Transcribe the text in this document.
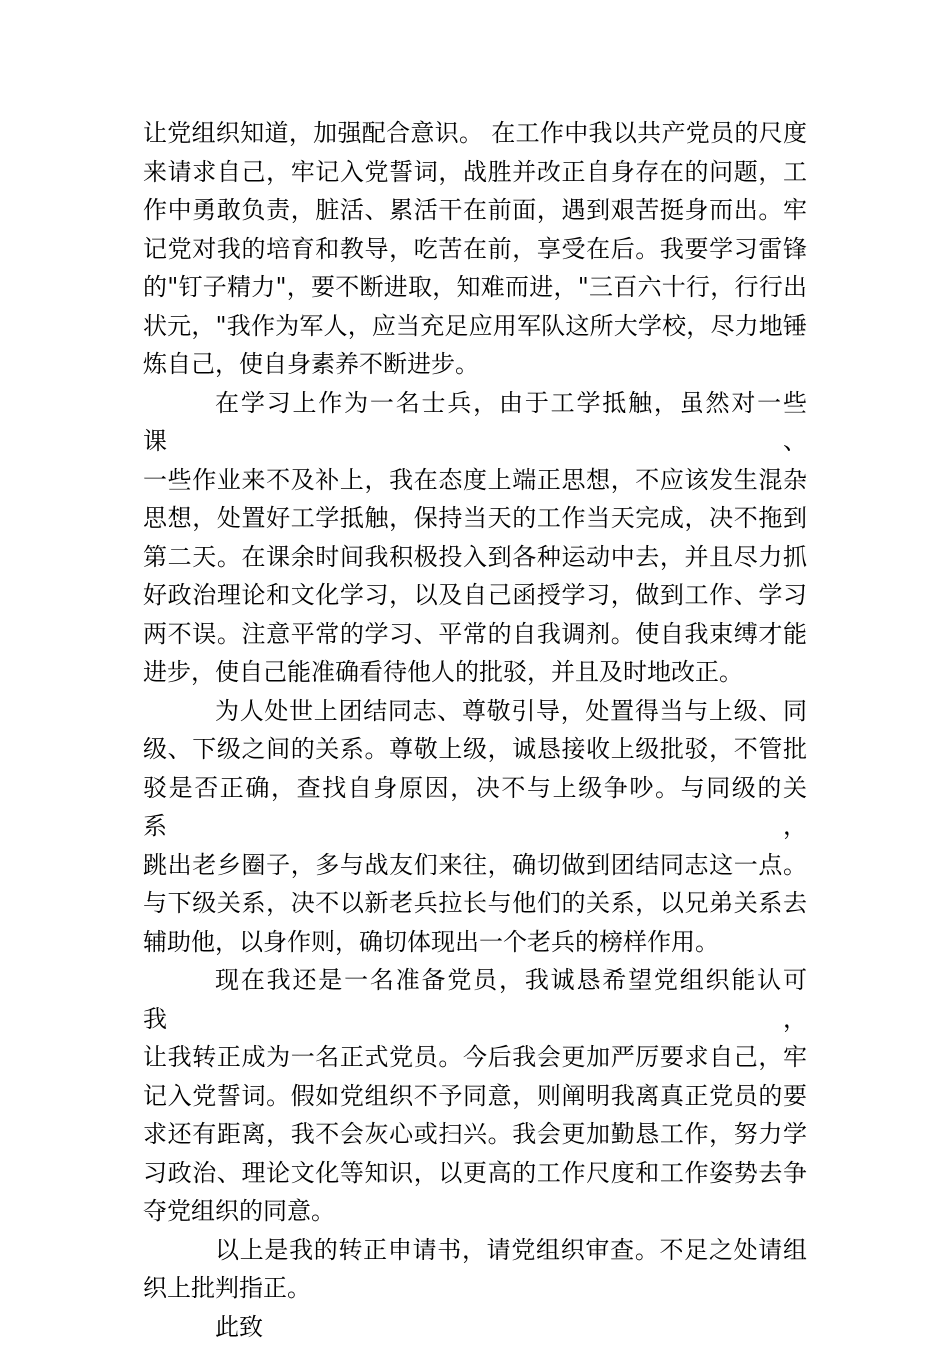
让党组织知道，加强配合意识。 在工作中我以共产党员的尺度
来请求自己，牢记入党誓词，战胜并改正自身存在的问题，工
作中勇敢负责，脏活、累活干在前面，遇到艰苦挺身而出。牢
记党对我的培育和教导，吃苦在前，享受在后。我要学习雷锋
的"钉子精力"，要不断进取，知难而进，"三百六十行，行行出
状元，"我作为军人，应当充足应用军队这所大学校，尽力地锤
炼自己，使自身素养不断进步。

在学习上作为一名士兵，由于工学抵触，虽然对一些课、
一些作业来不及补上，我在态度上端正思想，不应该发生混杂
思想，处置好工学抵触，保持当天的工作当天完成，决不拖到
第二天。在课余时间我积极投入到各种运动中去，并且尽力抓
好政治理论和文化学习，以及自己函授学习，做到工作、学习
两不误。注意平常的学习、平常的自我调剂。使自我束缚才能
进步，使自己能准确看待他人的批驳，并且及时地改正。

为人处世上团结同志、尊敬引导，处置得当与上级、同
级、下级之间的关系。尊敬上级，诚恳接收上级批驳，不管批
驳是否正确，查找自身原因，决不与上级争吵。与同级的关系，
跳出老乡圈子，多与战友们来往，确切做到团结同志这一点。
与下级关系，决不以新老兵拉长与他们的关系，以兄弟关系去
辅助他，以身作则，确切体现出一个老兵的榜样作用。

现在我还是一名准备党员，我诚恳希望党组织能认可我，
让我转正成为一名正式党员。今后我会更加严厉要求自己，牢
记入党誓词。假如党组织不予同意，则阐明我离真正党员的要
求还有距离，我不会灰心或扫兴。我会更加勤恳工作，努力学
习政治、理论文化等知识，以更高的工作尺度和工作姿势去争
夺党组织的同意。

以上是我的转正申请书，请党组织审查。不足之处请组
织上批判指正。

此致
